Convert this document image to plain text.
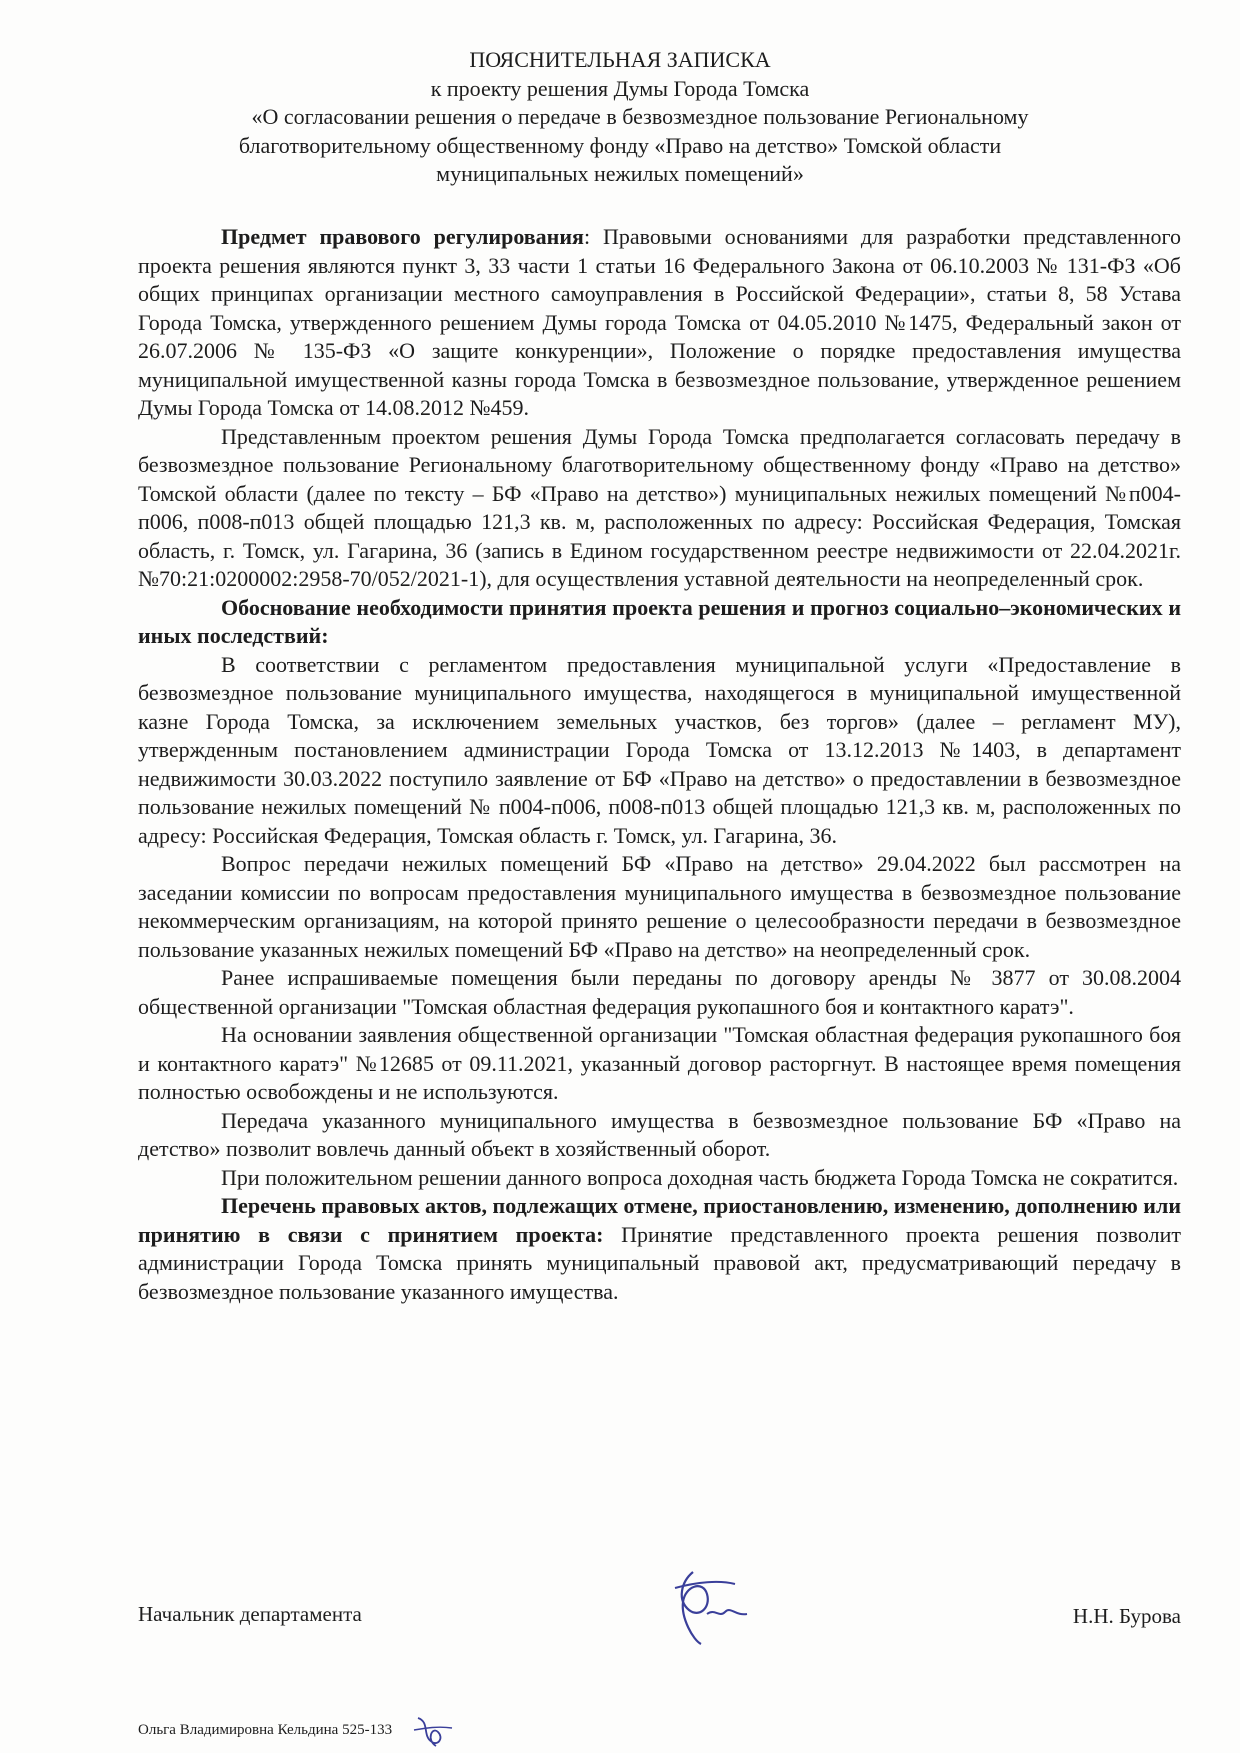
ПОЯСНИТЕЛЬНАЯ ЗАПИСКА
к проекту решения Думы Города Томска
«О согласовании решения о передаче в безвозмездное пользование Региональному
благотворительному общественному фонду «Право на детство» Томской области
муниципальных нежилых помещений»

Предмет правового регулирования: Правовыми основаниями для разработки представленного проекта решения являются пункт 3, 33 части 1 статьи 16 Федерального Закона от 06.10.2003 № 131-ФЗ «Об общих принципах организации местного самоуправления в Российской Федерации», статьи 8, 58 Устава Города Томска, утвержденного решением Думы города Томска от 04.05.2010 №1475, Федеральный закон от 26.07.2006 № 135-ФЗ «О защите конкуренции», Положение о порядке предоставления имущества муниципальной имущественной казны города Томска в безвозмездное пользование, утвержденное решением Думы Города Томска от 14.08.2012 №459.

Представленным проектом решения Думы Города Томска предполагается согласовать передачу в безвозмездное пользование Региональному благотворительному общественному фонду «Право на детство» Томской области (далее по тексту – БФ «Право на детство») муниципальных нежилых помещений №п004-п006, п008-п013 общей площадью 121,3 кв. м, расположенных по адресу: Российская Федерация, Томская область, г. Томск, ул. Гагарина, 36 (запись в Едином государственном реестре недвижимости от 22.04.2021г. №70:21:0200002:2958-70/052/2021-1), для осуществления уставной деятельности на неопределенный срок.

Обоснование необходимости принятия проекта решения и прогноз социально–экономических и иных последствий:

В соответствии с регламентом предоставления муниципальной услуги «Предоставление в безвозмездное пользование муниципального имущества, находящегося в муниципальной имущественной казне Города Томска, за исключением земельных участков, без торгов» (далее – регламент МУ), утвержденным постановлением администрации Города Томска от 13.12.2013 №1403, в департамент недвижимости 30.03.2022 поступило заявление от БФ «Право на детство» о предоставлении в безвозмездное пользование нежилых помещений № п004-п006, п008-п013 общей площадью 121,3 кв. м, расположенных по адресу: Российская Федерация, Томская область г. Томск, ул. Гагарина, 36.

Вопрос передачи нежилых помещений БФ «Право на детство» 29.04.2022 был рассмотрен на заседании комиссии по вопросам предоставления муниципального имущества в безвозмездное пользование некоммерческим организациям, на которой принято решение о целесообразности передачи в безвозмездное пользование указанных нежилых помещений БФ «Право на детство» на неопределенный срок.

Ранее испрашиваемые помещения были переданы по договору аренды № 3877 от 30.08.2004 общественной организации "Томская областная федерация рукопашного боя и контактного каратэ".

На основании заявления общественной организации "Томская областная федерация рукопашного боя и контактного каратэ" №12685 от 09.11.2021, указанный договор расторгнут. В настоящее время помещения полностью освобождены и не используются.

Передача указанного муниципального имущества в безвозмездное пользование БФ «Право на детство» позволит вовлечь данный объект в хозяйственный оборот.

При положительном решении данного вопроса доходная часть бюджета Города Томска не сократится.

Перечень правовых актов, подлежащих отмене, приостановлению, изменению, дополнению или принятию в связи с принятием проекта: Принятие представленного проекта решения позволит администрации Города Томска принять муниципальный правовой акт, предусматривающий передачу в безвозмездное пользование указанного имущества.

Начальник департамента	Н.Н. Бурова
Ольга Владимировна Кельдина 525-133
